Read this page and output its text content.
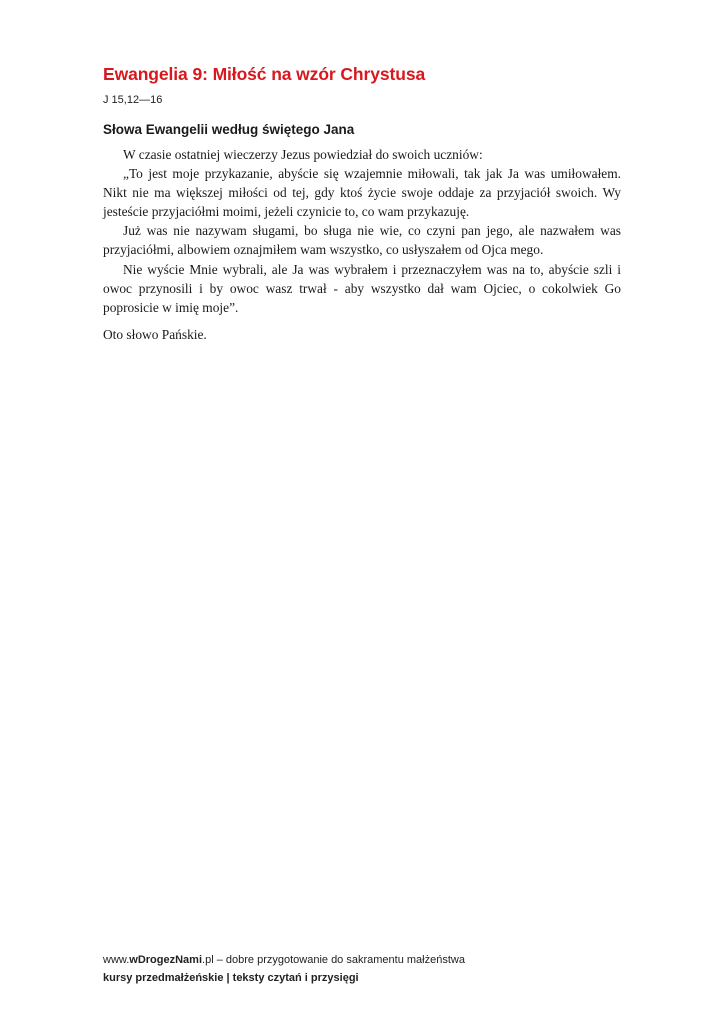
Ewangelia 9: Miłość na wzór Chrystusa
J 15,12—16
Słowa Ewangelii według świętego Jana

W czasie ostatniej wieczerzy Jezus powiedział do swoich uczniów:

„To jest moje przykazanie, abyście się wzajemnie miłowali, tak jak Ja was umiłowałem. Nikt nie ma większej miłości od tej, gdy ktoś życie swoje oddaje za przyjaciół swoich. Wy jesteście przyjaciółmi moimi, jeżeli czynicie to, co wam przykazuję.

Już was nie nazywam sługami, bo sługa nie wie, co czyni pan jego, ale nazwałem was przyjaciółmi, albowiem oznajmiłem wam wszystko, co usłyszałem od Ojca mego.

Nie wyście Mnie wybrali, ale Ja was wybrałem i przeznaczyłem was na to, abyście szli i owoc przynosili i by owoc wasz trwał - aby wszystko dał wam Ojciec, o cokolwiek Go poprosicie w imię moje”.

Oto słowo Pańskie.

www.wDrogezNami.pl – dobre przygotowanie do sakramentu małżeństwa
kursy przedmałżeńskie | teksty czytań i przysięgi
